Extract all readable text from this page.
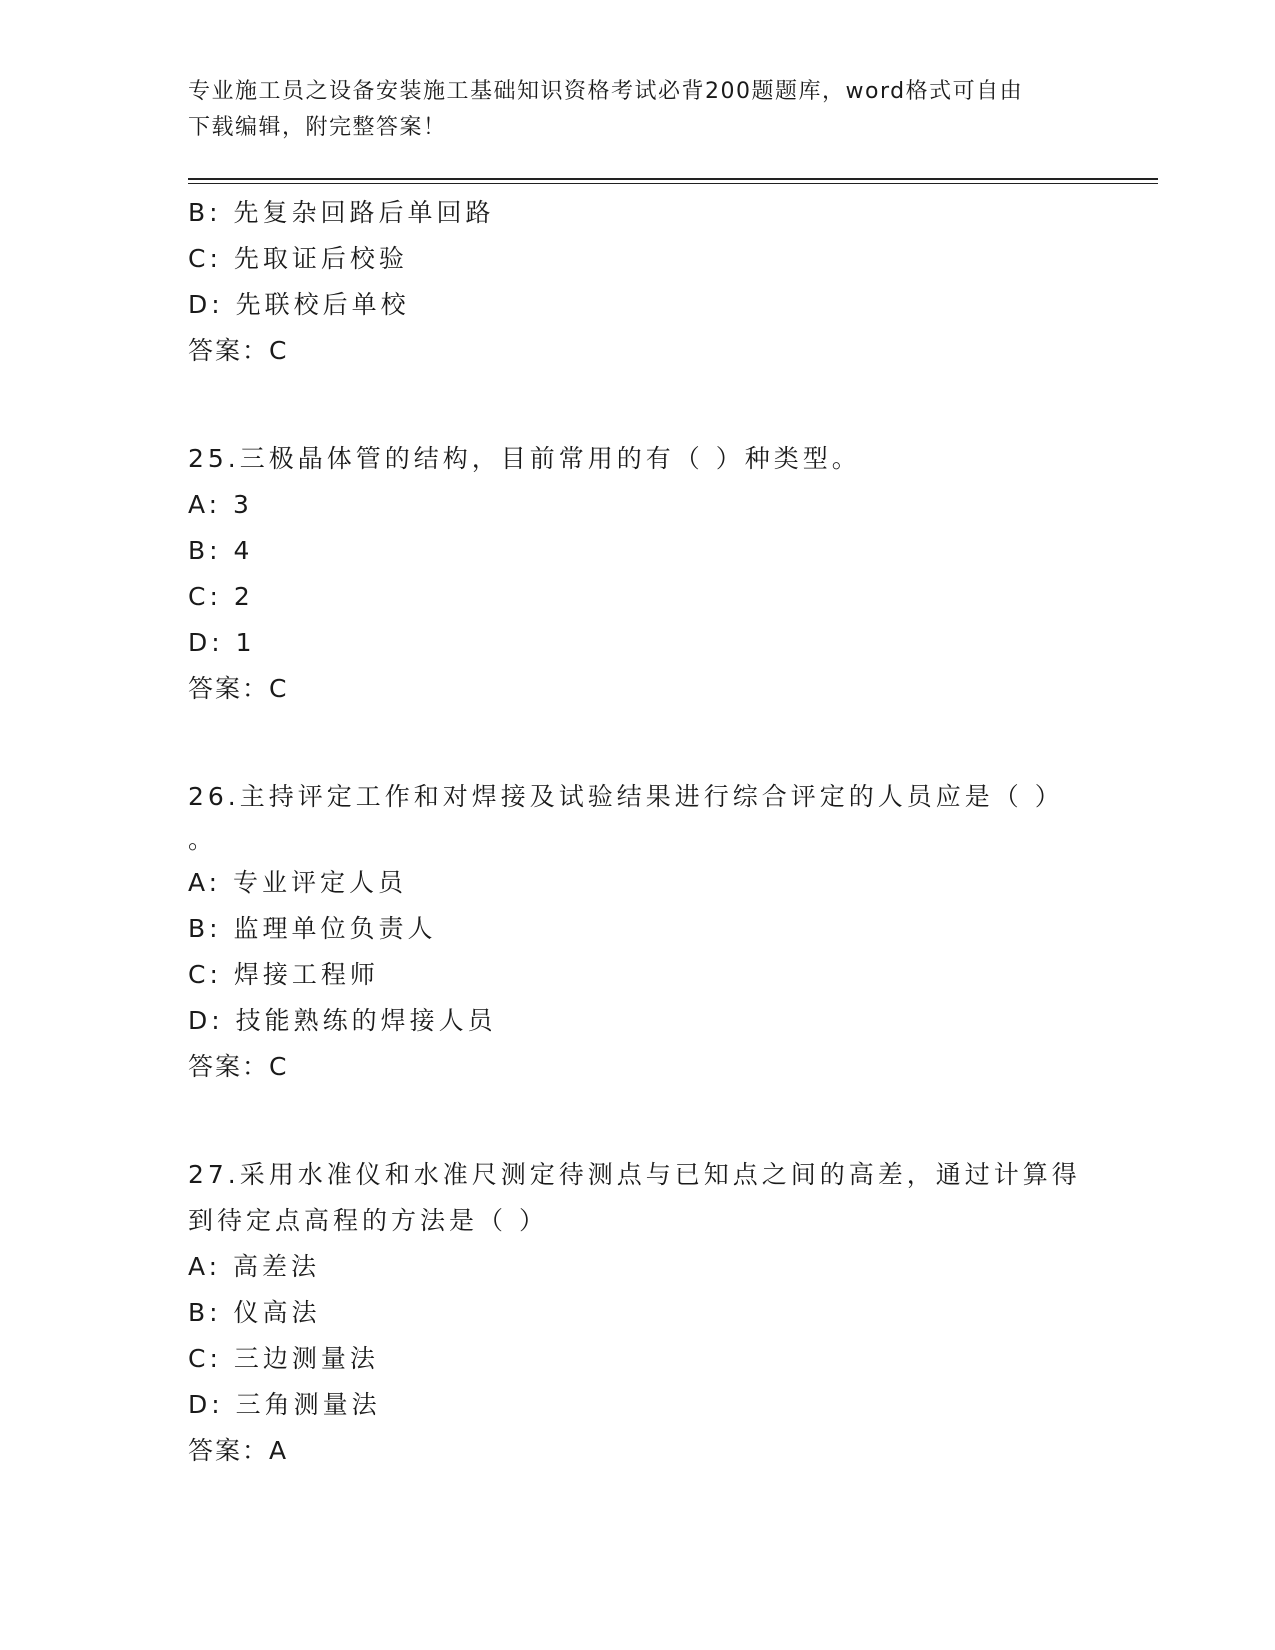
专业施工员之设备安装施工基础知识资格考试必背200题题库，word格式可自由
下载编辑，附完整答案！
B: 先复杂回路后单回路
C: 先取证后校验
D: 先联校后单校
答案：C
25.三极晶体管的结构，目前常用的有（ ）种类型。
A: 3
B: 4
C: 2
D: 1
答案：C
26.主持评定工作和对焊接及试验结果进行综合评定的人员应是（ ）
。
A: 专业评定人员
B: 监理单位负责人
C: 焊接工程师
D: 技能熟练的焊接人员
答案：C
27.采用水准仪和水准尺测定待测点与已知点之间的高差，通过计算得
到待定点高程的方法是（ ）
A: 高差法
B: 仪高法
C: 三边测量法
D: 三角测量法
答案：A
